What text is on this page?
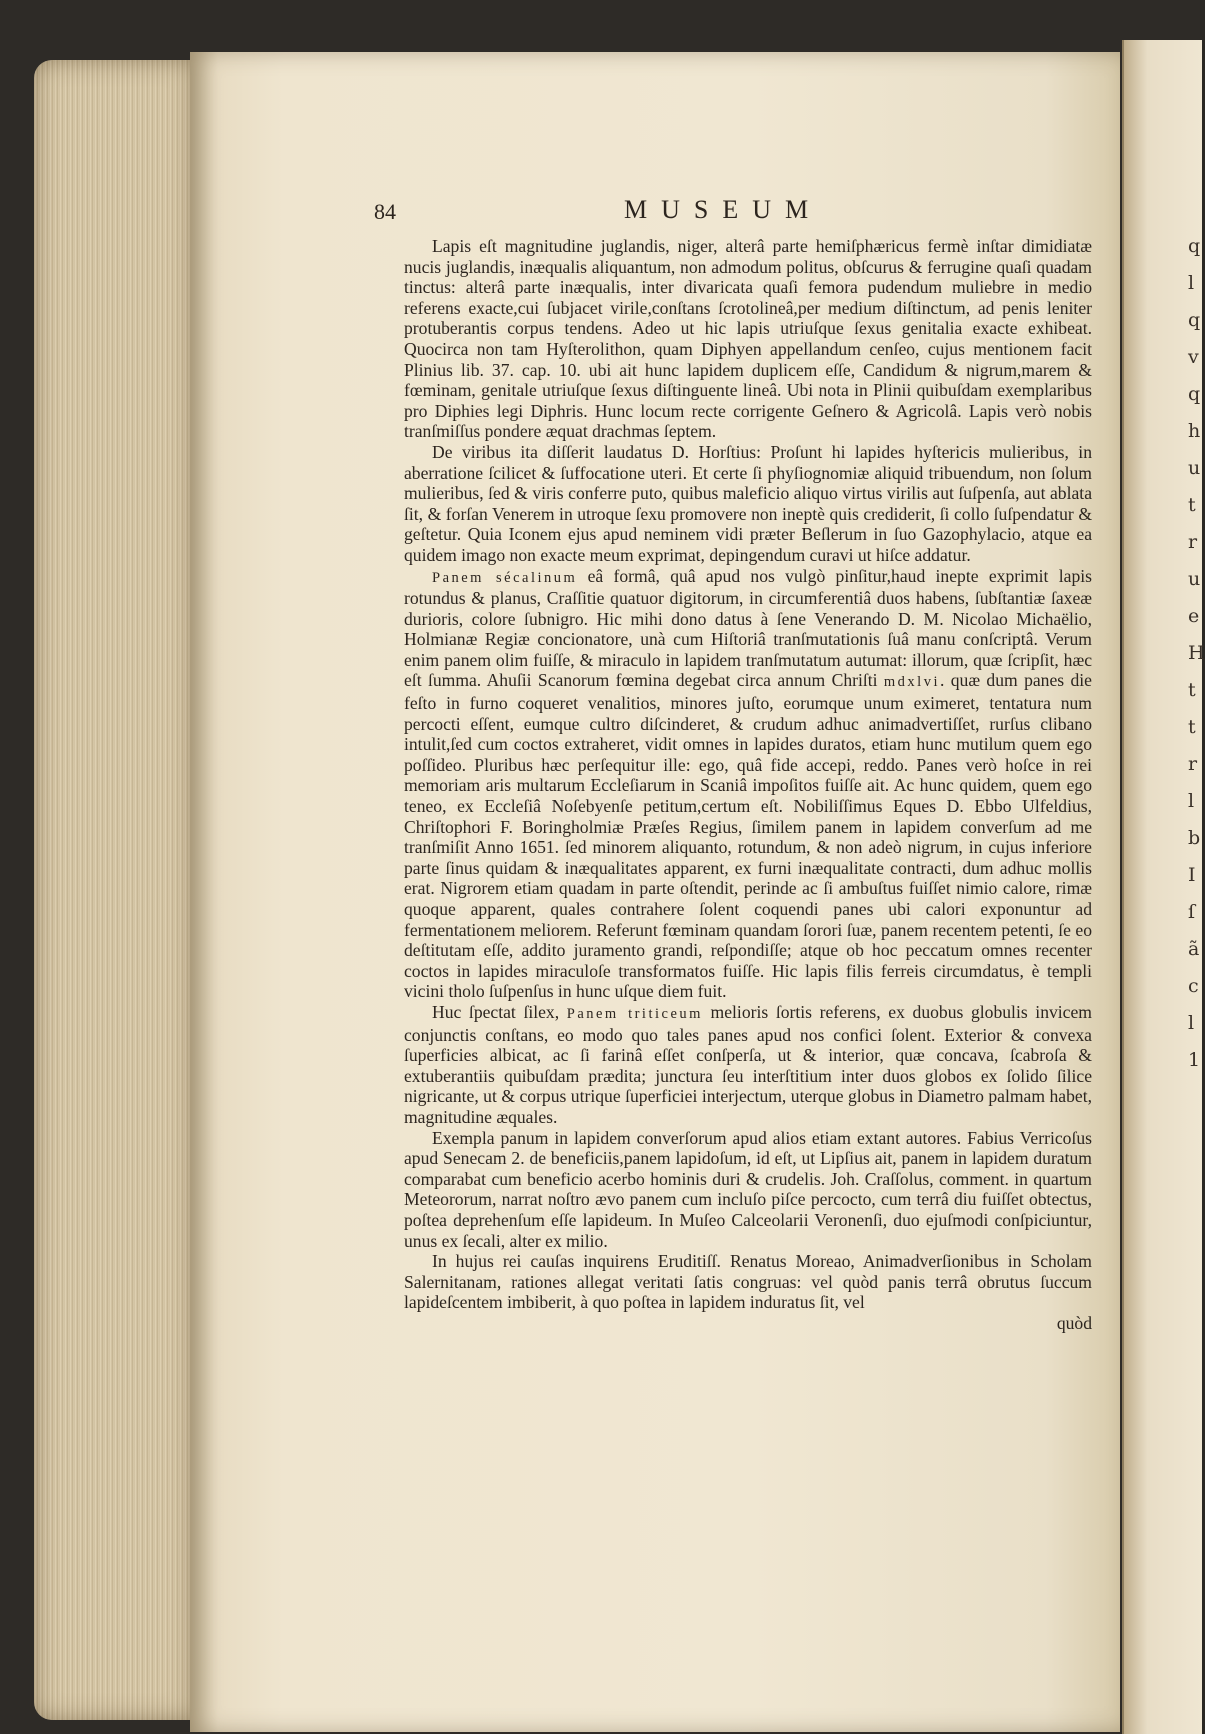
q l q v q h u t r u e H t t r l b I ſ ã c l 1
84	MUSEUM

Lapis eſt magnitudine juglandis, niger, alterâ parte hemiſphæricus fermè inſtar dimidiatæ nucis juglandis, inæqualis aliquantum, non admodum politus, obſcurus & ferrugine quaſi quadam tinctus: alterâ parte inæqualis, inter divaricata quaſi femora pudendum muliebre in medio referens exacte,cui ſubjacet virile,conſtans ſcrotolineâ,per medium diſtinctum, ad penis leniter protuberantis corpus tendens. Adeo ut hic lapis utriuſque ſexus genitalia exacte exhibeat. Quocirca non tam Hyſterolithon, quam Diphyen appellandum cenſeo, cujus mentionem facit Plinius lib. 37. cap. 10. ubi ait hunc lapidem duplicem eſſe, Candidum & nigrum,marem & fœminam, genitale utriuſque ſexus diſtinguente lineâ. Ubi nota in Plinii quibuſdam exemplaribus pro Diphies legi Diphris. Hunc locum recte corrigente Geſnero & Agricolâ. Lapis verò nobis tranſmiſſus pondere æquat drachmas ſeptem.

De viribus ita diſſerit laudatus D. Horſtius: Proſunt hi lapides hyſtericis mulieribus, in aberratione ſcilicet & ſuffocatione uteri. Et certe ſi phyſiognomiæ aliquid tribuendum, non ſolum mulieribus, ſed & viris conferre puto, quibus maleficio aliquo virtus virilis aut ſuſpenſa, aut ablata ſit, & forſan Venerem in utroque ſexu promovere non ineptè quis crediderit, ſi collo ſuſpendatur & geſtetur. Quia Iconem ejus apud neminem vidi præter Beſlerum in ſuo Gazophylacio, atque ea quidem imago non exacte meum exprimat, depingendum curavi ut hiſce addatur.

Panem sécalinum eâ formâ, quâ apud nos vulgò pinſitur,haud inepte exprimit lapis rotundus & planus, Craſſitie quatuor digitorum, in circumferentiâ duos habens, ſubſtantiæ ſaxeæ durioris, colore ſubnigro. Hic mihi dono datus à ſene Venerando D. M. Nicolao Michaëlio, Holmianæ Regiæ concionatore, unà cum Hiſtoriâ tranſmutationis ſuâ manu conſcriptâ. Verum enim panem olim fuiſſe, & miraculo in lapidem tranſmutatum autumat: illorum, quæ ſcripſit, hæc eſt ſumma. Ahuſii Scanorum fœmina degebat circa annum Chriſti mdxlvi. quæ dum panes die feſto in furno coqueret venalitios, minores juſto, eorumque unum eximeret, tentatura num percocti eſſent, eumque cultro diſcinderet, & crudum adhuc animadvertiſſet, rurſus clibano intulit,ſed cum coctos extraheret, vidit omnes in lapides duratos, etiam hunc mutilum quem ego poſſideo. Pluribus hæc perſequitur ille: ego, quâ fide accepi, reddo. Panes verò hoſce in rei memoriam aris multarum Eccleſiarum in Scaniâ impoſitos fuiſſe ait. Ac hunc quidem, quem ego teneo, ex Eccleſiâ Noſebyenſe petitum,certum eſt. Nobiliſſimus Eques D. Ebbo Ulfeldius, Chriſtophori F. Boringholmiæ Præſes Regius, ſimilem panem in lapidem converſum ad me tranſmiſit Anno 1651. ſed minorem aliquanto, rotundum, & non adeò nigrum, in cujus inferiore parte ſinus quidam & inæqualitates apparent, ex furni inæqualitate contracti, dum adhuc mollis erat. Nigrorem etiam quadam in parte oſtendit, perinde ac ſi ambuſtus fuiſſet nimio calore, rimæ quoque apparent, quales contrahere ſolent coquendi panes ubi calori exponuntur ad fermentationem meliorem. Referunt fœminam quandam ſorori ſuæ, panem recentem petenti, ſe eo deſtitutam eſſe, addito juramento grandi, reſpondiſſe; atque ob hoc peccatum omnes recenter coctos in lapides miraculoſe transformatos fuiſſe. Hic lapis filis ferreis circumdatus, è templi vicini tholo ſuſpenſus in hunc uſque diem fuit.

Huc ſpectat ſilex, Panem triticeum melioris ſortis referens, ex duobus globulis invicem conjunctis conſtans, eo modo quo tales panes apud nos confici ſolent. Exterior & convexa ſuperficies albicat, ac ſi farinâ eſſet conſperſa, ut & interior, quæ concava, ſcabroſa & extuberantiis quibuſdam prædita; junctura ſeu interſtitium inter duos globos ex ſolido ſilice nigricante, ut & corpus utrique ſuperficiei interjectum, uterque globus in Diametro palmam habet, magnitudine æquales.

Exempla panum in lapidem converſorum apud alios etiam extant autores. Fabius Verricoſus apud Senecam 2. de beneficiis,panem lapidoſum, id eſt, ut Lipſius ait, panem in lapidem duratum comparabat cum beneficio acerbo hominis duri & crudelis. Joh. Craſſolus, comment. in quartum Meteororum, narrat noſtro ævo panem cum incluſo piſce percocto, cum terrâ diu fuiſſet obtectus, poſtea deprehenſum eſſe lapideum. In Muſeo Calceolarii Veronenſi, duo ejuſmodi conſpiciuntur, unus ex ſecali, alter ex milio.

In hujus rei cauſas inquirens Eruditiſſ. Renatus Moreao, Animadverſionibus in Scholam Salernitanam, rationes allegat veritati ſatis congruas: vel quòd panis terrâ obrutus ſuccum lapideſcentem imbiberit, à quo poſtea in lapidem induratus ſit, vel

quòd
